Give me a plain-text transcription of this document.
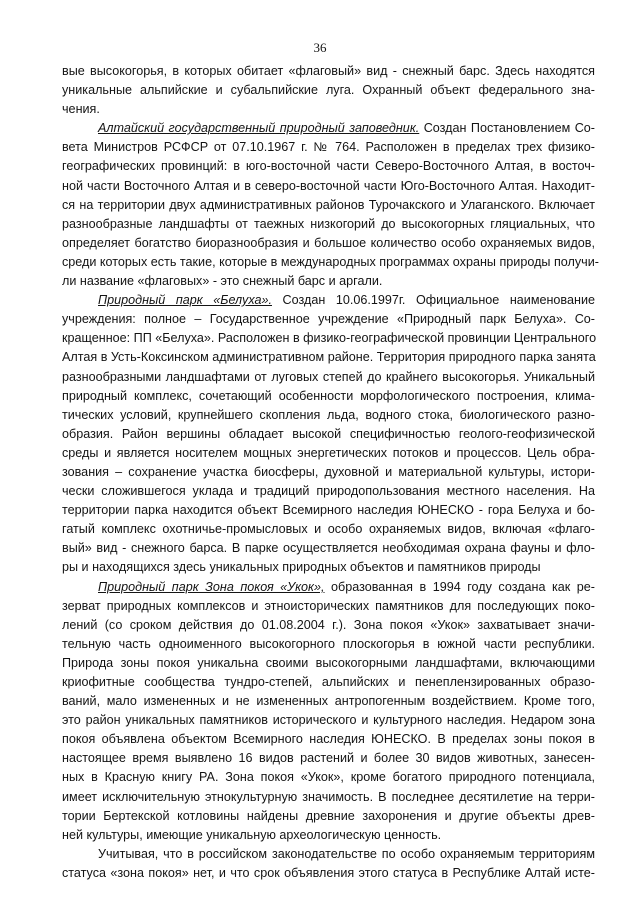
36
вые высокогорья, в которых обитает «флаговый» вид - снежный барс. Здесь находятся
уникальные альпийские и субальпийские луга. Охранный объект федерального зна-
чения.
Алтайский государственный природный заповедник. Создан Постановлением Со-
вета Министров РСФСР от 07.10.1967 г. № 764. Расположен в пределах трех физико-
географических провинций: в юго-восточной части Северо-Восточного Алтая, в восточ-
ной части Восточного Алтая и в северо-восточной части Юго-Восточного Алтая. Находит-
ся на территории двух административных районов Турочакского и Улаганского. Включает
разнообразные ландшафты от таежных низкогорий до высокогорных гляциальных, что
определяет богатство биоразнообразия и большое количество особо охраняемых видов,
среди которых есть такие, которые в международных программах охраны природы получи-
ли название «флаговых» - это снежный барс и аргали.
Природный парк «Белуха». Создан 10.06.1997г. Официальное наименование
учреждения: полное – Государственное учреждение «Природный парк Белуха». Со-
кращенное: ПП «Белуха». Расположен в физико-географической провинции Центрального
Алтая в Усть-Коксинском административном районе. Территория природного парка занята
разнообразными ландшафтами от луговых степей до крайнего высокогорья. Уникальный
природный комплекс, сочетающий особенности морфологического построения, клима-
тических условий, крупнейшего скопления льда, водного стока, биологического разно-
образия. Район вершины обладает высокой специфичностью геолого-геофизической
среды и является носителем мощных энергетических потоков и процессов. Цель обра-
зования – сохранение участка биосферы, духовной и материальной культуры, истори-
чески сложившегося уклада и традиций природопользования местного населения. На
территории парка находится объект Всемирного наследия ЮНЕСКО - гора Белуха и бо-
гатый комплекс охотничье-промысловых и особо охраняемых видов, включая «флаго-
вый» вид - снежного барса. В парке осуществляется необходимая охрана фауны и фло-
ры и находящихся здесь уникальных природных объектов и памятников природы
Природный парк Зона покоя «Укок», образованная в 1994 году создана как ре-
зерват природных комплексов и этноисторических памятников для последующих поко-
лений (со сроком действия до 01.08.2004 г.). Зона покоя «Укок» захватывает значи-
тельную часть одноименного высокогорного плоскогорья в южной части республики.
Природа зоны покоя уникальна своими высокогорными ландшафтами, включающими
криофитные сообщества тундро-степей, альпийских и пенеплензированных образо-
ваний, мало измененных и не измененных антропогенным воздействием. Кроме того,
это район уникальных памятников исторического и культурного наследия. Недаром зона
покоя объявлена объектом Всемирного наследия ЮНЕСКО. В пределах зоны покоя в
настоящее время выявлено 16 видов растений и более 30 видов животных, занесен-
ных в Красную книгу РА. Зона покоя «Укок», кроме богатого природного потенциала,
имеет исключительную этнокультурную значимость. В последнее десятилетие на терри-
тории Бертекской котловины найдены древние захоронения и другие объекты древ-
ней культуры, имеющие уникальную археологическую ценность.
Учитывая, что в российском законодательстве по особо охраняемым территориям
статуса «зона покоя» нет, и что срок объявления этого статуса в Республике Алтай исте-
